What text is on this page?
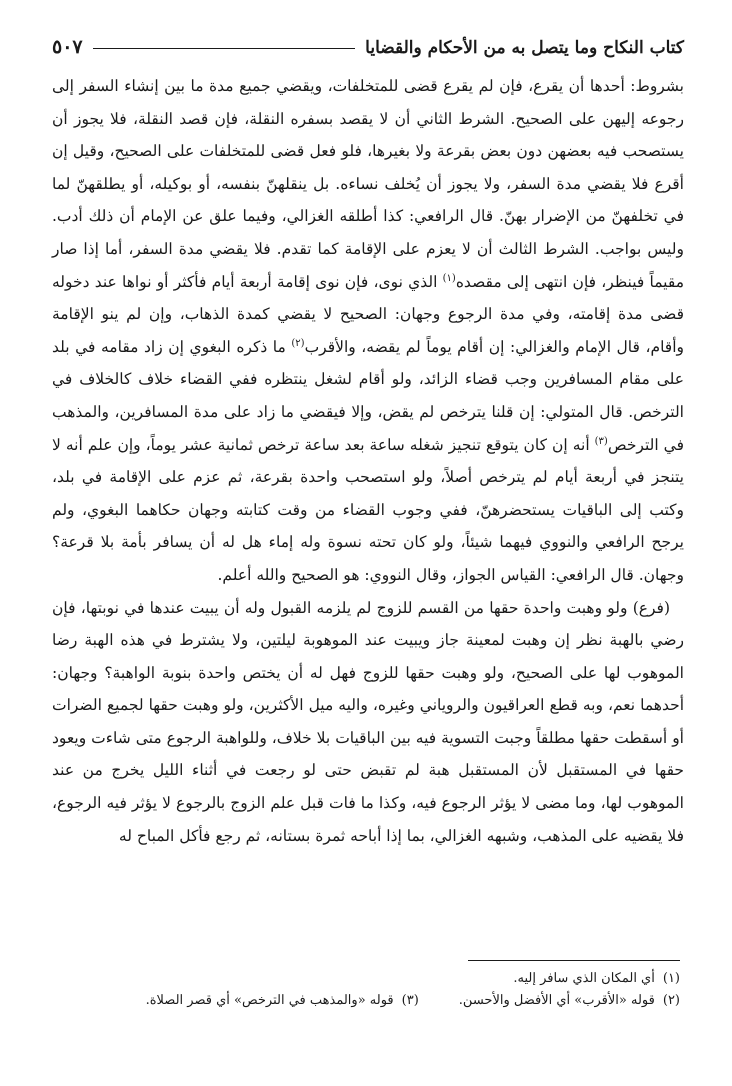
كتاب النكاح وما يتصل به من الأحكام والقضايا
٥٠٧

بشروط: أحدها أن يقرع، فإن لم يقرع قضى للمتخلفات، ويقضي جميع مدة ما بين إنشاء السفر إلى رجوعه إليهن على الصحيح. الشرط الثاني أن لا يقصد بسفره النقلة، فإن قصد النقلة، فلا يجوز أن يستصحب فيه بعضهن دون بعض بقرعة ولا بغيرها، فلو فعل قضى للمتخلفات على الصحيح، وقيل إن أقرع فلا يقضي مدة السفر، ولا يجوز أن يُخلف نساءه. بل ينقلهنّ بنفسه، أو بوكيله، أو يطلقهنّ لما في تخلفهنّ من الإضرار بهنّ. قال الرافعي: كذا أطلقه الغزالي، وفيما علق عن الإمام أن ذلك أدب. وليس بواجب. الشرط الثالث أن لا يعزم على الإقامة كما تقدم. فلا يقضي مدة السفر، أما إذا صار مقيماً فينظر، فإن انتهى إلى مقصده$^{(١)}$ الذي نوى، فإن نوى إقامة أربعة أيام فأكثر أو نواها عند دخوله قضى مدة إقامته، وفي مدة الرجوع وجهان: الصحيح لا يقضي كمدة الذهاب، وإن لم ينو الإقامة وأقام، قال الإمام والغزالي: إن أقام يوماً لم يقضه، والأقرب$^{(٢)}$ ما ذكره البغوي إن زاد مقامه في بلد على مقام المسافرين وجب قضاء الزائد، ولو أقام لشغل ينتظره ففي القضاء خلاف كالخلاف في الترخص. قال المتولي: إن قلنا يترخص لم يقض، وإلا فيقضي ما زاد على مدة المسافرين، والمذهب في الترخص$^{(٣)}$ أنه إن كان يتوقع تنجيز شغله ساعة بعد ساعة ترخص ثمانية عشر يوماً، وإن علم أنه لا يتنجز في أربعة أيام لم يترخص أصلاً، ولو استصحب واحدة بقرعة، ثم عزم على الإقامة في بلد، وكتب إلى الباقيات يستحضرهنّ، ففي وجوب القضاء من وقت كتابته وجهان حكاهما البغوي، ولم يرجح الرافعي والنووي فيهما شيئاً، ولو كان تحته نسوة وله إماء هل له أن يسافر بأمة بلا قرعة؟ وجهان. قال الرافعي: القياس الجواز، وقال النووي: هو الصحيح والله أعلم.

(فرع) ولو وهبت واحدة حقها من القسم للزوج لم يلزمه القبول وله أن يبيت عندها في نوبتها، فإن رضي بالهبة نظر إن وهبت لمعينة جاز ويبيت عند الموهوبة ليلتين، ولا يشترط في هذه الهبة رضا الموهوب لها على الصحيح، ولو وهبت حقها للزوج فهل له أن يختص واحدة بنوبة الواهبة؟ وجهان: أحدهما نعم، وبه قطع العراقيون والروياني وغيره، واليه ميل الأكثرين، ولو وهبت حقها لجميع الضرات أو أسقطت حقها مطلقاً وجبت التسوية فيه بين الباقيات بلا خلاف، وللواهبة الرجوع متى شاءت ويعود حقها في المستقبل لأن المستقبل هبة لم تقبض حتى لو رجعت في أثناء الليل يخرج من عند الموهوب لها، وما مضى لا يؤثر الرجوع فيه، وكذا ما فات قبل علم الزوج بالرجوع لا يؤثر فيه الرجوع، فلا يقضيه على المذهب، وشبهه الغزالي، بما إذا أباحه ثمرة بستانه، ثم رجع فأكل المباح له

(١)
أي المكان الذي سافر إليه.
(٢)
قوله «الأقرب» أي الأفضل والأحسن.
(٣)
قوله «والمذهب في الترخص» أي قصر الصلاة.
